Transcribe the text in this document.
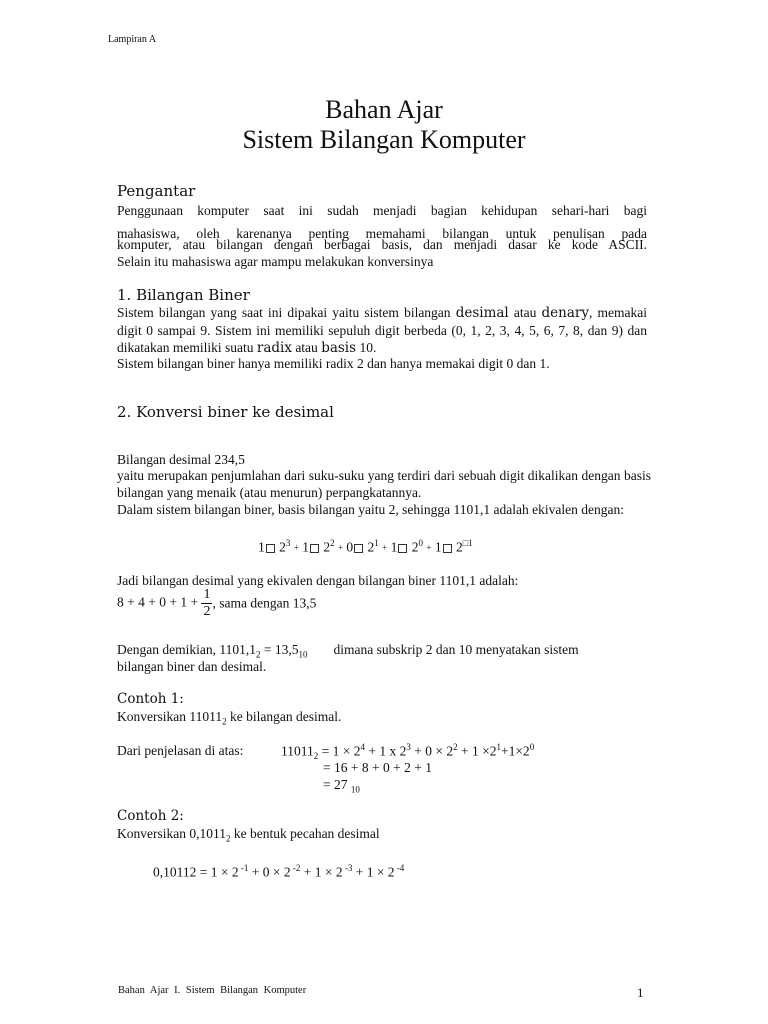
Lampiran A
Bahan Ajar
Sistem Bilangan Komputer
Pengantar
Penggunaan komputer saat ini sudah menjadi bagian kehidupan sehari-hari bagi
mahasiswa, oleh karenanya penting memahami bilangan untuk penulisan pada
komputer, atau bilangan dengan berbagai basis, dan menjadi dasar ke kode ASCII.
Selain itu mahasiswa agar mampu melakukan konversinya
1. Bilangan Biner
Sistem bilangan yang saat ini dipakai yaitu sistem bilangan desimal atau denary, memakai digit 0 sampai 9. Sistem ini memiliki sepuluh digit berbeda (0, 1, 2, 3, 4, 5, 6, 7, 8, dan 9) dan dikatakan memiliki suatu radix atau basis 10.
Sistem bilangan biner hanya memiliki radix 2 dan hanya memakai digit 0 dan 1.
2. Konversi biner ke desimal
Bilangan desimal 234,5
yaitu merupakan penjumlahan dari suku-suku yang terdiri dari sebuah digit dikalikan dengan basis bilangan yang menaik (atau menurun) perpangkatannya.
Dalam sistem bilangan biner, basis bilangan yaitu 2, sehingga 1101,1 adalah ekivalen dengan:
1 $2^3 + 1$ $2^2 + 0$ $2^1 + 1$ $2^0 + 1$ $2^{□1}$
Jadi bilangan desimal yang ekivalen dengan bilangan biner 1101,1 adalah:
$8 + 4 + 0 + 1 + \frac{1}{2}$ , sama dengan 13,5
Dengan demikian, $1101,1_2 = 13,5_{10}$ dimana subskrip 2 dan 10 menyatakan sistem
bilangan biner dan desimal.
Contoh 1:
Konversikan $11011_2$ ke bilangan desimal.
Dari penjelasan di atas:	$11011_2 = 1 \times 2^4 + 1$ x $2^3 + 0 \times 2^2 + 1 \times 2^1+1\times 2^0$
= 16 + 8 + 0 + 2 + 1
= 27 $_{10}$
Contoh 2:
Konversikan $0,1011_2$ ke bentuk pecahan desimal
0,10112 = 1 × 2 $^{-1}$ + 0 × 2 $^{-2}$ + 1 × 2 $^{-3}$ + 1 × 2 $^{-4}$
Bahan Ajar I. Sistem Bilangan Komputer	1
